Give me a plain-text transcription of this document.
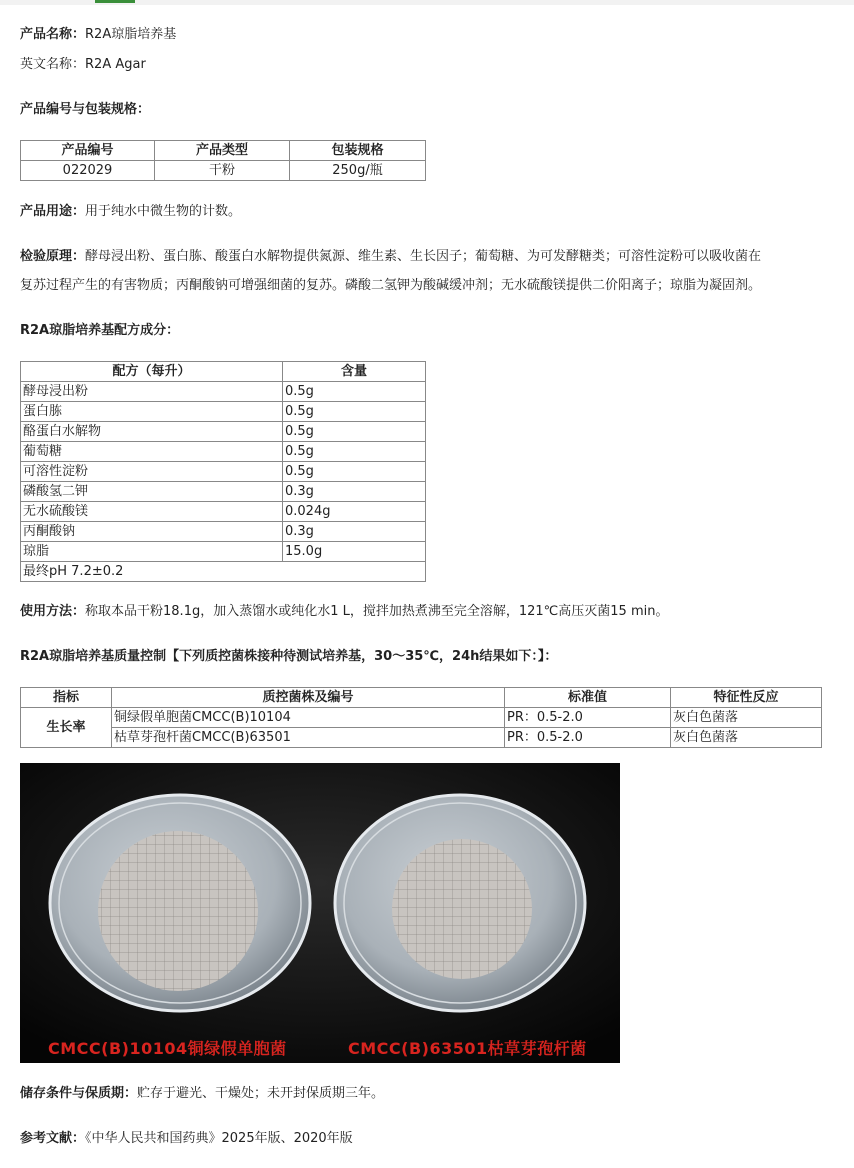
产品名称：R2A琼脂培养基
英文名称：R2A Agar
产品编号与包装规格：
产品编号	产品类型	包装规格
022029	干粉	250g/瓶
产品用途：用于纯水中微生物的计数。
检验原理：酵母浸出粉、蛋白胨、酸蛋白水解物提供氮源、维生素、生长因子；葡萄糖、为可发酵糖类；可溶性淀粉可以吸收菌在
复苏过程产生的有害物质；丙酮酸钠可增强细菌的复苏。磷酸二氢钾为酸碱缓冲剂；无水硫酸镁提供二价阳离子；琼脂为凝固剂。
R2A琼脂培养基配方成分：
配方（每升）	含量
酵母浸出粉	0.5g
蛋白胨	0.5g
酪蛋白水解物	0.5g
葡萄糖	0.5g
可溶性淀粉	0.5g
磷酸氢二钾	0.3g
无水硫酸镁	0.024g
丙酮酸钠	0.3g
琼脂	15.0g
最终pH 7.2±0.2	
使用方法：称取本品干粉18.1g，加入蒸馏水或纯化水1 L，搅拌加热煮沸至完全溶解，121℃高压灭菌15 min。
R2A琼脂培养基质量控制【下列质控菌株接种待测试培养基，30～35℃，24h结果如下：】：
指标	质控菌株及编号	标准值	特征性反应
生长率	铜绿假单胞菌CMCC(B)10104	PR：0.5-2.0	灰白色菌落
	枯草芽孢杆菌CMCC(B)63501	PR：0.5-2.0	灰白色菌落
CMCC(B)10104铜绿假单胞菌	CMCC(B)63501枯草芽孢杆菌
储存条件与保质期：贮存于避光、干燥处；未开封保质期三年。
参考文献：《中华人民共和国药典》2025年版、2020年版
